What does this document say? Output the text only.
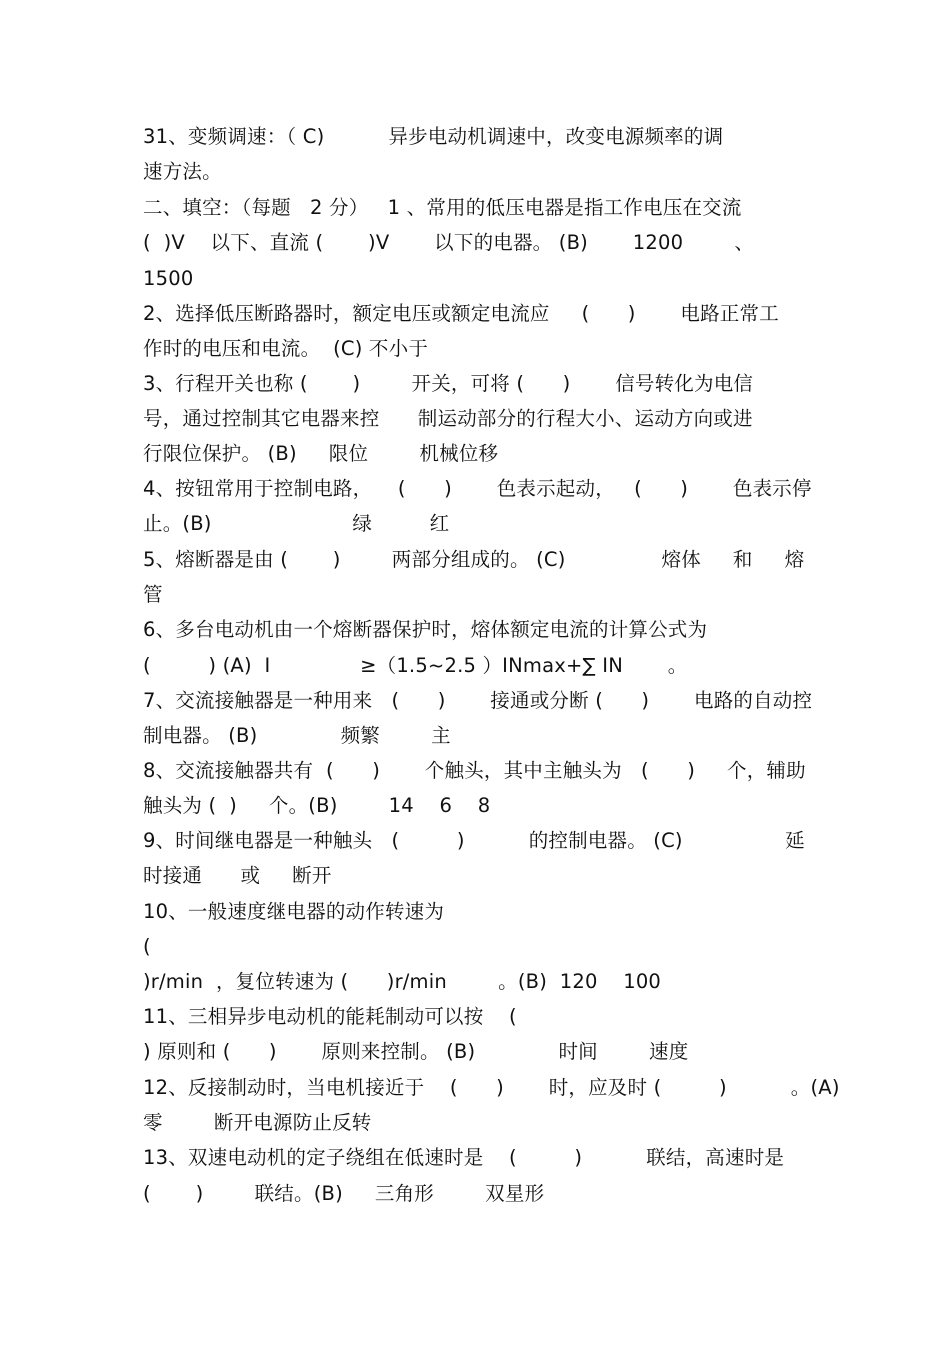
31、变频调速：（ C)          异步电动机调速中，改变电源频率的调
速方法。
二、填空：（每题   2 分）   1 、常用的低压电器是指工作电压在交流
(  )V    以下、直流 (       )V       以下的电器。 (B)       1200        、
1500
2、选择低压断路器时，额定电压或额定电流应     (      )       电路正常工
作时的电压和电流。  (C) 不小于
3、行程开关也称 (       )        开关，可将 (      )       信号转化为电信
号，通过控制其它电器来控      制运动部分的行程大小、运动方向或进
行限位保护。 (B)     限位        机械位移
4、按钮常用于控制电路，    (      )       色表示起动，   (      )       色表示停
止。(B)                      绿         红
5、熔断器是由 (       )        两部分组成的。 (C)               熔体     和     熔
管
6、多台电动机由一个熔断器保护时，熔体额定电流的计算公式为
(         ) (A)  I              ≥（1.5~2.5 ）INmax+∑ IN       。
7、交流接触器是一种用来   (      )       接通或分断 (      )       电路的自动控
制电器。 (B)             频繁        主
8、交流接触器共有  (      )       个触头，其中主触头为   (      )     个，辅助
触头为 (  )     个。(B)        14    6    8
9、时间继电器是一种触头   (         )          的控制电器。 (C)                延
时接通      或     断开
10、一般速度继电器的动作转速为
(
)r/min  ，复位转速为 (      )r/min        。(B)  120    100
11、三相异步电动机的能耗制动可以按    (
) 原则和 (      )       原则来控制。 (B)             时间        速度
12、反接制动时，当电机接近于    (      )       时，应及时 (         )          。(A)
零        断开电源防止反转
13、双速电动机的定子绕组在低速时是    (         )          联结，高速时是
(       )        联结。(B)     三角形        双星形
